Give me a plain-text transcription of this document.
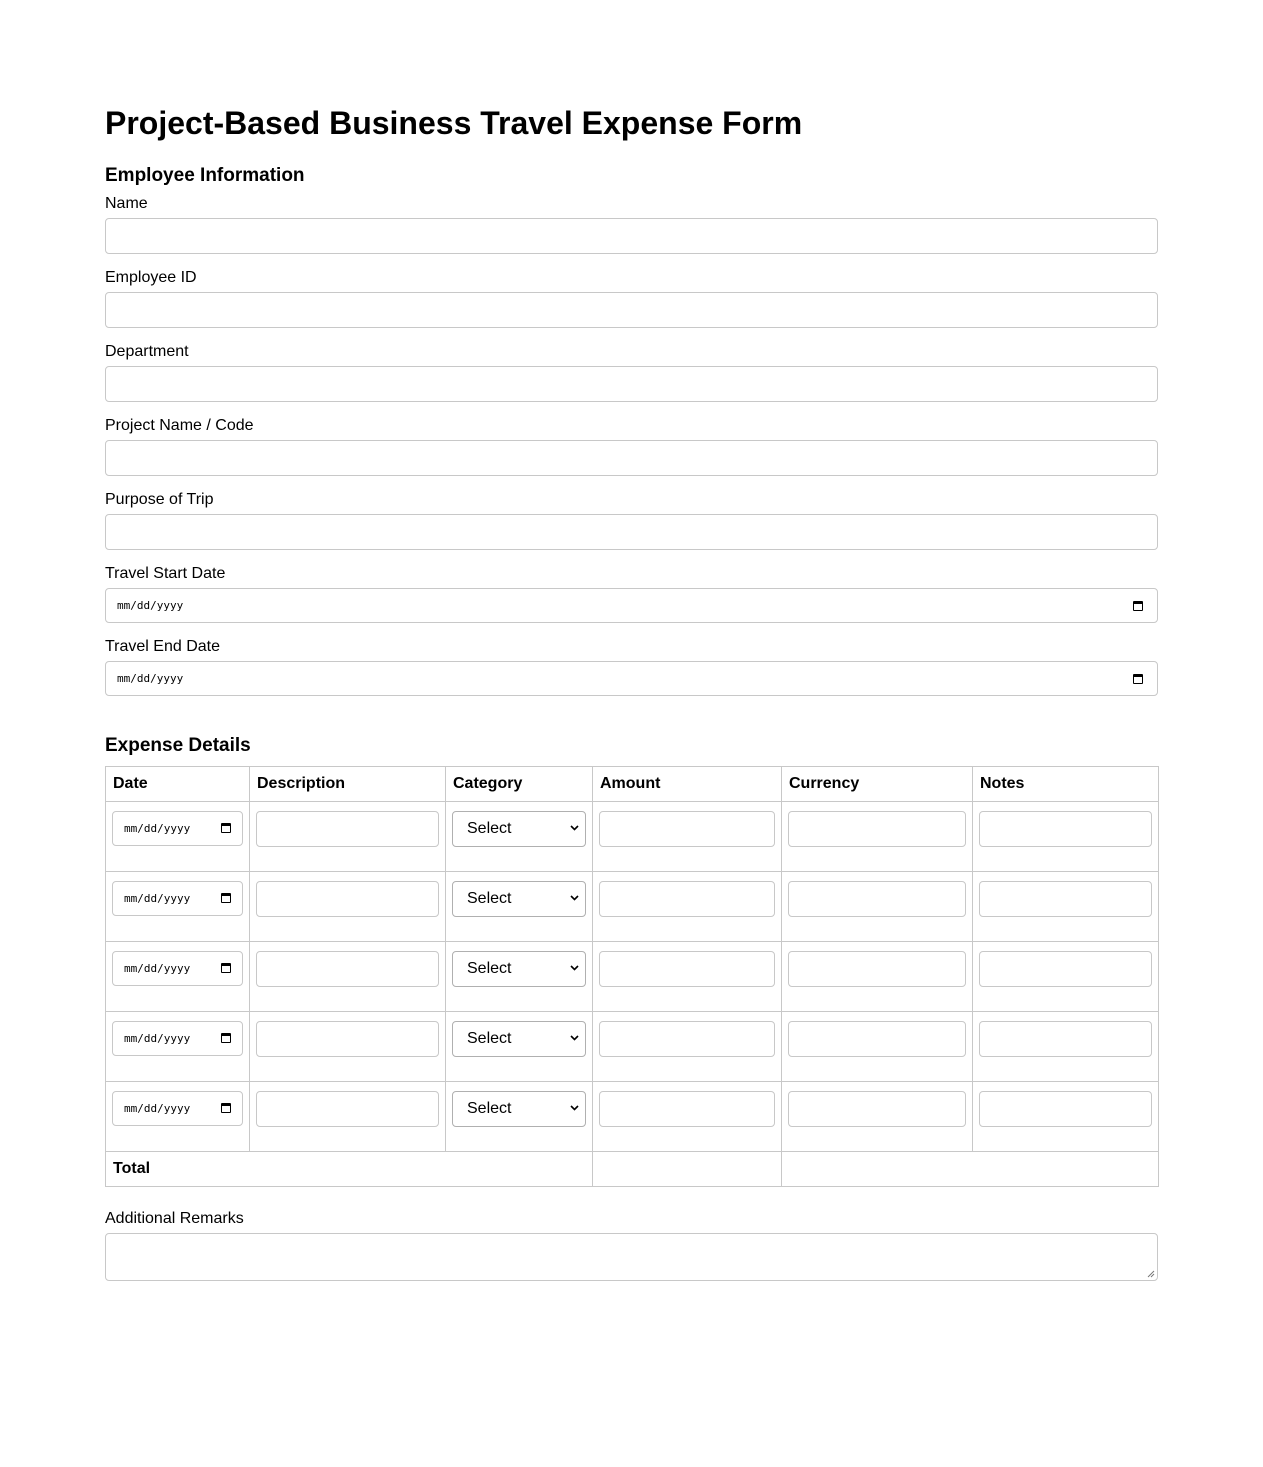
Project-Based Business Travel Expense Form
Employee Information
Name
Employee ID
Department
Project Name / Code
Purpose of Trip
Travel Start Date
mm/dd/yyyy
Travel End Date
mm/dd/yyyy
Expense Details
Date	Description	Category	Amount	Currency	Notes

mm/dd/yyyy		Select			

mm/dd/yyyy		Select			

mm/dd/yyyy		Select			

mm/dd/yyyy		Select			

mm/dd/yyyy		Select			

Total					
Additional Remarks
